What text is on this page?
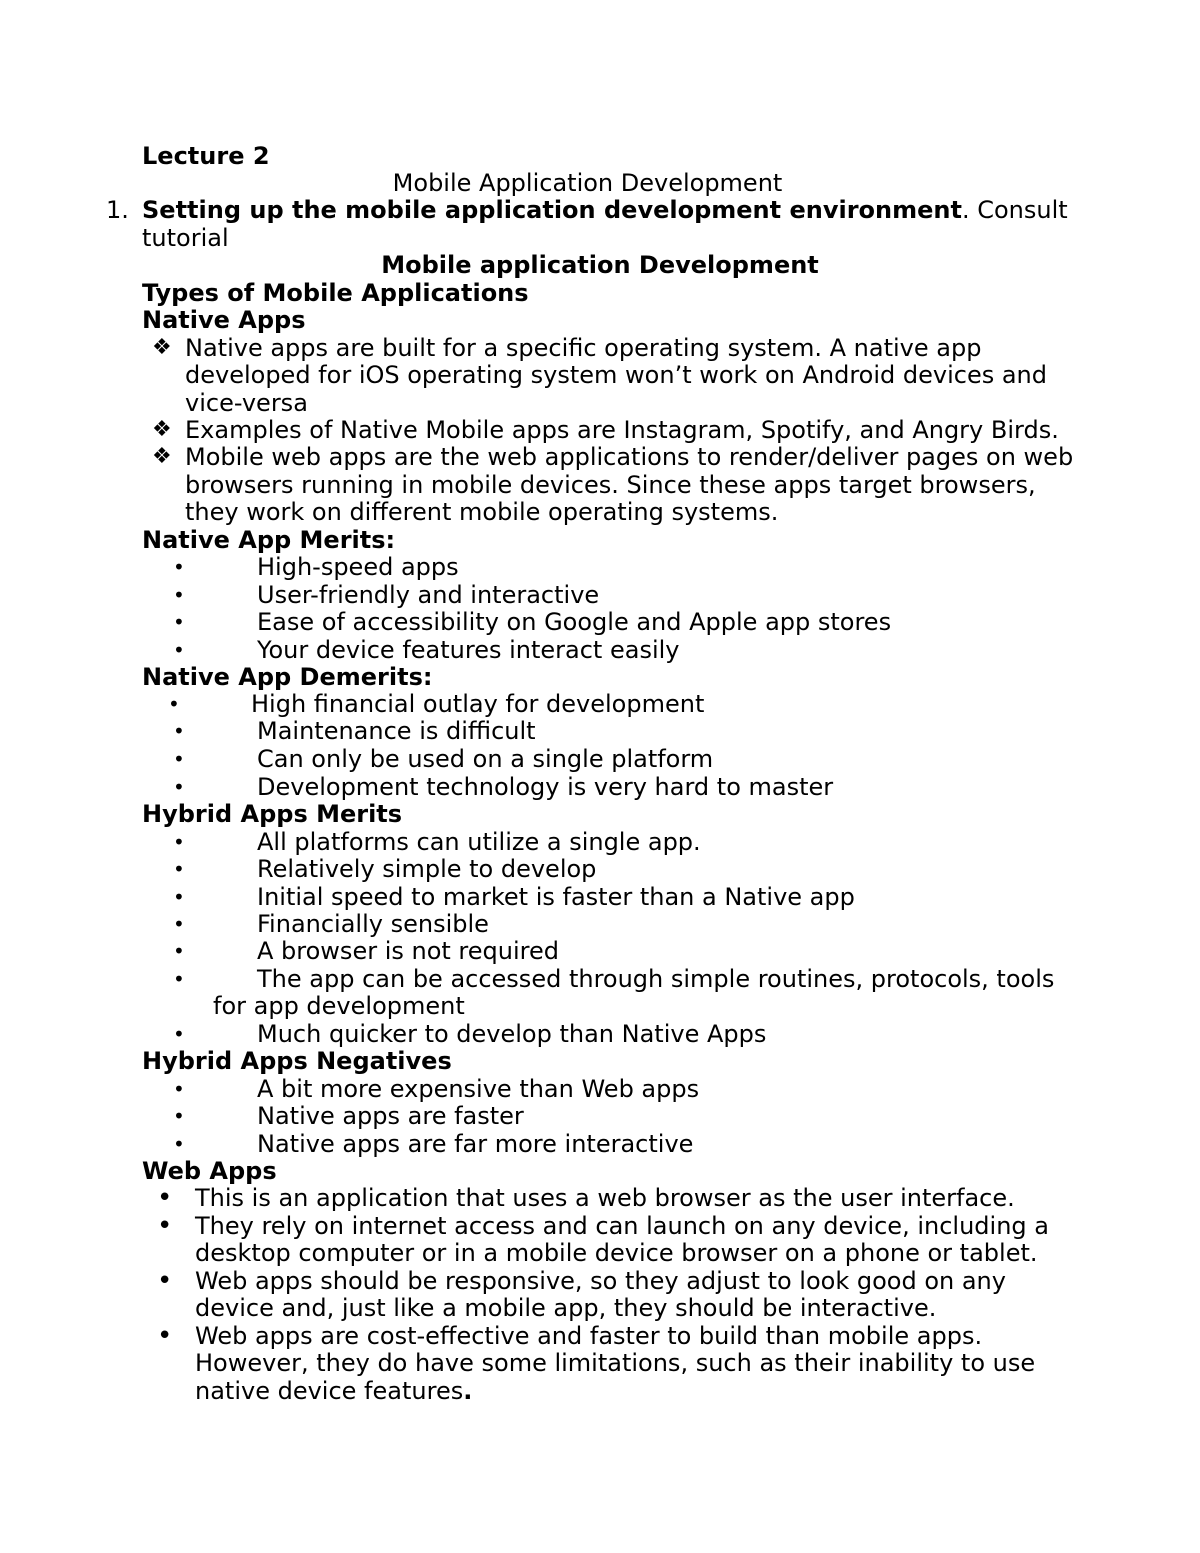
Lecture 2
Mobile Application Development
1. Setting up the mobile application development environment. Consult
tutorial
Mobile application Development
Types of Mobile Applications
Native Apps
❖ Native apps are built for a specific operating system. A native app
developed for iOS operating system won’t work on Android devices and
vice-versa
❖ Examples of Native Mobile apps are Instagram, Spotify, and Angry Birds.
❖ Mobile web apps are the web applications to render/deliver pages on web
browsers running in mobile devices. Since these apps target browsers,
they work on different mobile operating systems.
Native App Merits:
•	High-speed apps
•	User-friendly and interactive
•	Ease of accessibility on Google and Apple app stores
•	Your device features interact easily
Native App Demerits:
•	High financial outlay for development
•	Maintenance is difficult
•	Can only be used on a single platform
•	Development technology is very hard to master
Hybrid Apps Merits
•	All platforms can utilize a single app.
•	Relatively simple to develop
•	Initial speed to market is faster than a Native app
•	Financially sensible
•	A browser is not required
•	The app can be accessed through simple routines, protocols, tools
for app development
•	Much quicker to develop than Native Apps
Hybrid Apps Negatives
•	A bit more expensive than Web apps
•	Native apps are faster
•	Native apps are far more interactive
Web Apps
• This is an application that uses a web browser as the user interface.
• They rely on internet access and can launch on any device, including a
desktop computer or in a mobile device browser on a phone or tablet.
• Web apps should be responsive, so they adjust to look good on any
device and, just like a mobile app, they should be interactive.
• Web apps are cost-effective and faster to build than mobile apps.
However, they do have some limitations, such as their inability to use
native device features.
